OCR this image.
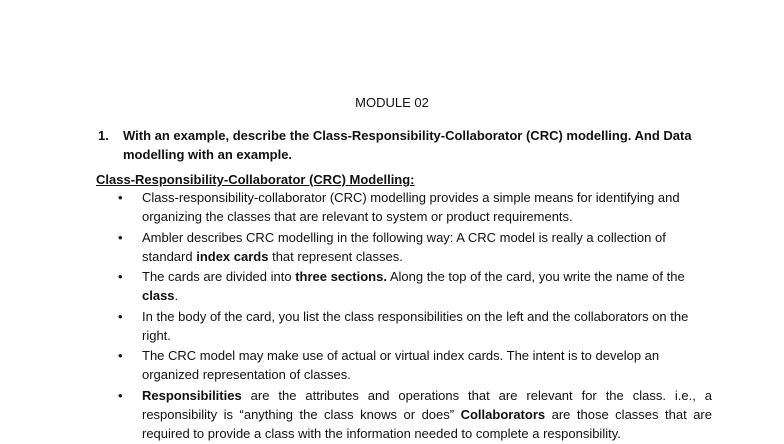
MODULE 02
1. With an example, describe the Class-Responsibility-Collaborator (CRC) modelling. And Data modelling with an example.
Class-Responsibility-Collaborator (CRC) Modelling:
• Class-responsibility-collaborator (CRC) modelling provides a simple means for identifying and organizing the classes that are relevant to system or product requirements.
• Ambler describes CRC modelling in the following way: A CRC model is really a collection of standard index cards that represent classes.
• The cards are divided into three sections. Along the top of the card, you write the name of the class.
• In the body of the card, you list the class responsibilities on the left and the collaborators on the right.
• The CRC model may make use of actual or virtual index cards. The intent is to develop an organized representation of classes.
• Responsibilities are the attributes and operations that are relevant for the class. i.e., a responsibility is “anything the class knows or does” Collaborators are those classes that are required to provide a class with the information needed to complete a responsibility.
